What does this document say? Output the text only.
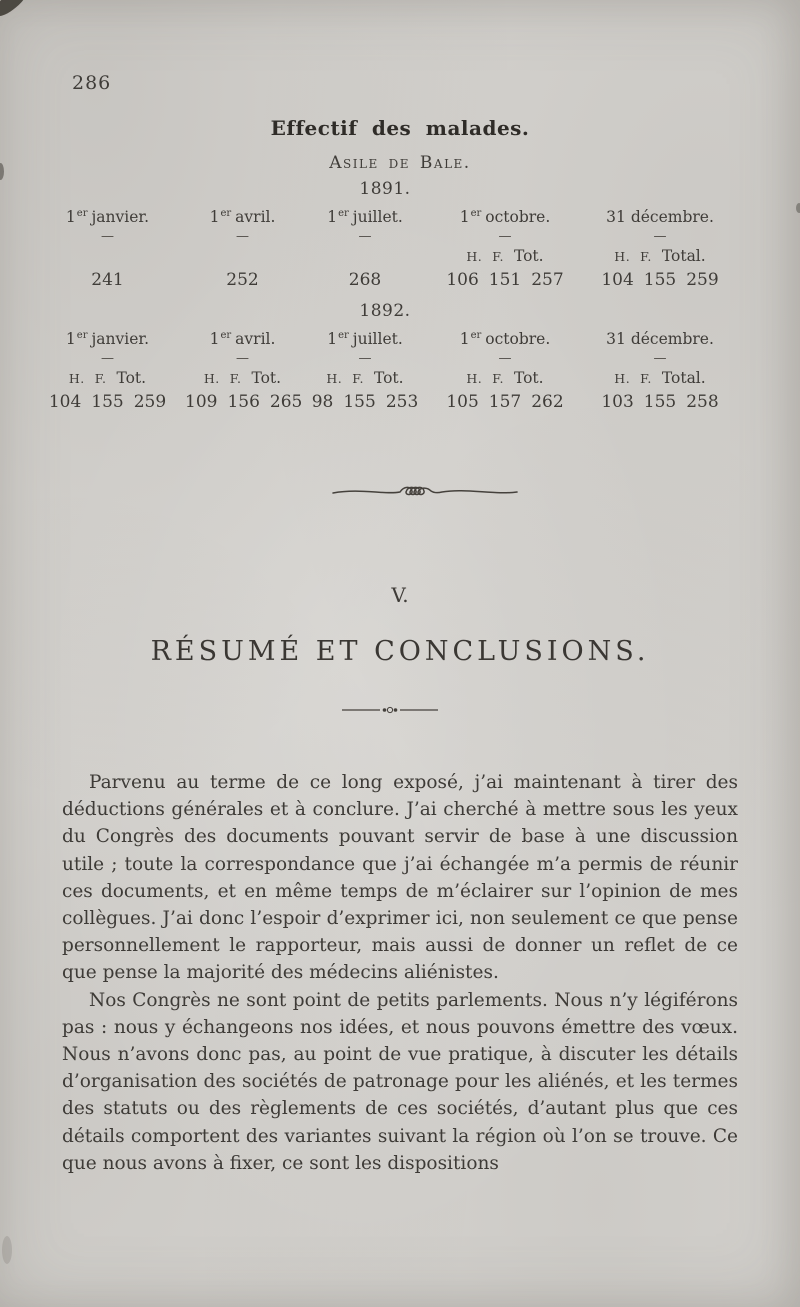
286
Effectif des malades.
Asile de Bale.
1891.
1er janvier.
—
241
1er avril.
—
252
1er juillet.
—
268
1er octobre.
—
H. F. Tot.
106 151 257
31 décembre.
—
H. F. Total.
104 155 259
1892.
1er janvier.
—
H. F. Tot.
104 155 259
1er avril.
—
H. F. Tot.
109 156 265
1er juillet.
—
H. F. Tot.
98 155 253
1er octobre.
—
H. F. Tot.
105 157 262
31 décembre.
—
H. F. Total.
103 155 258
V.
RÉSUMÉ ET CONCLUSIONS.

Parvenu au terme de ce long exposé, j’ai maintenant à tirer des déductions générales et à conclure. J’ai cherché à mettre sous les yeux du Congrès des documents pouvant servir de base à une discussion utile ; toute la correspondance que j’ai échangée m’a permis de réunir ces documents, et en même temps de m’éclairer sur l’opinion de mes collègues. J’ai donc l’espoir d’exprimer ici, non seulement ce que pense personnellement le rapporteur, mais aussi de donner un reflet de ce que pense la majorité des médecins aliénistes.

Nos Congrès ne sont point de petits parlements. Nous n’y légiférons pas : nous y échangeons nos idées, et nous pouvons émettre des vœux. Nous n’avons donc pas, au point de vue pratique, à discuter les détails d’organisation des sociétés de patronage pour les aliénés, et les termes des statuts ou des règlements de ces sociétés, d’autant plus que ces détails comportent des variantes suivant la région où l’on se trouve. Ce que nous avons à fixer, ce sont les dispositions
